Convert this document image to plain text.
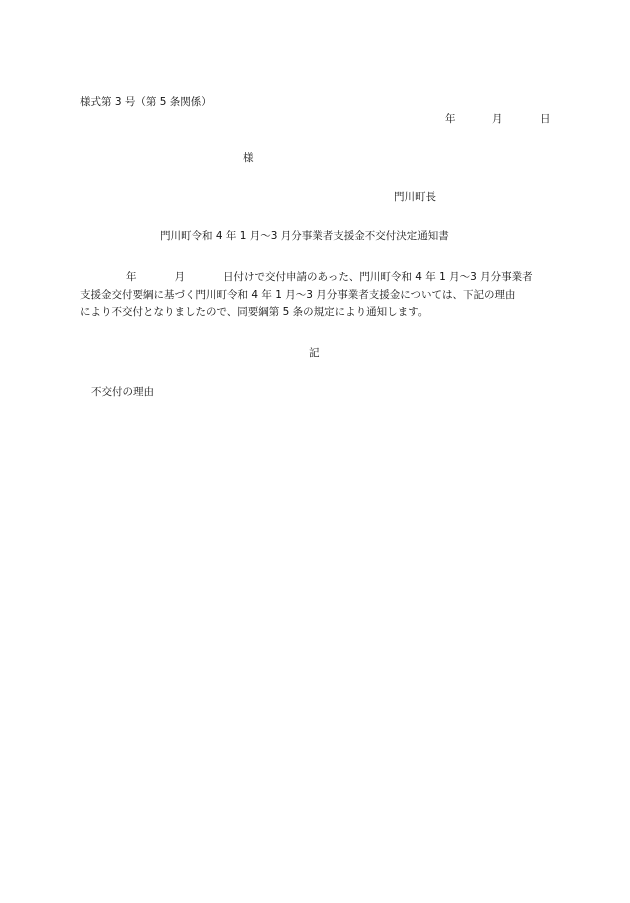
様式第 3 号（第 5 条関係）
年	月	日
様
門川町長
門川町令和 4 年 1 月〜3 月分事業者支援金不交付決定通知書
年	月	日付けで交付申請のあった、門川町令和 4 年 1 月〜3 月分事業者
支援金交付要綱に基づく門川町令和 4 年 1 月〜3 月分事業者支援金については、下記の理由
により不交付となりましたので、同要綱第 5 条の規定により通知します。
記
不交付の理由
